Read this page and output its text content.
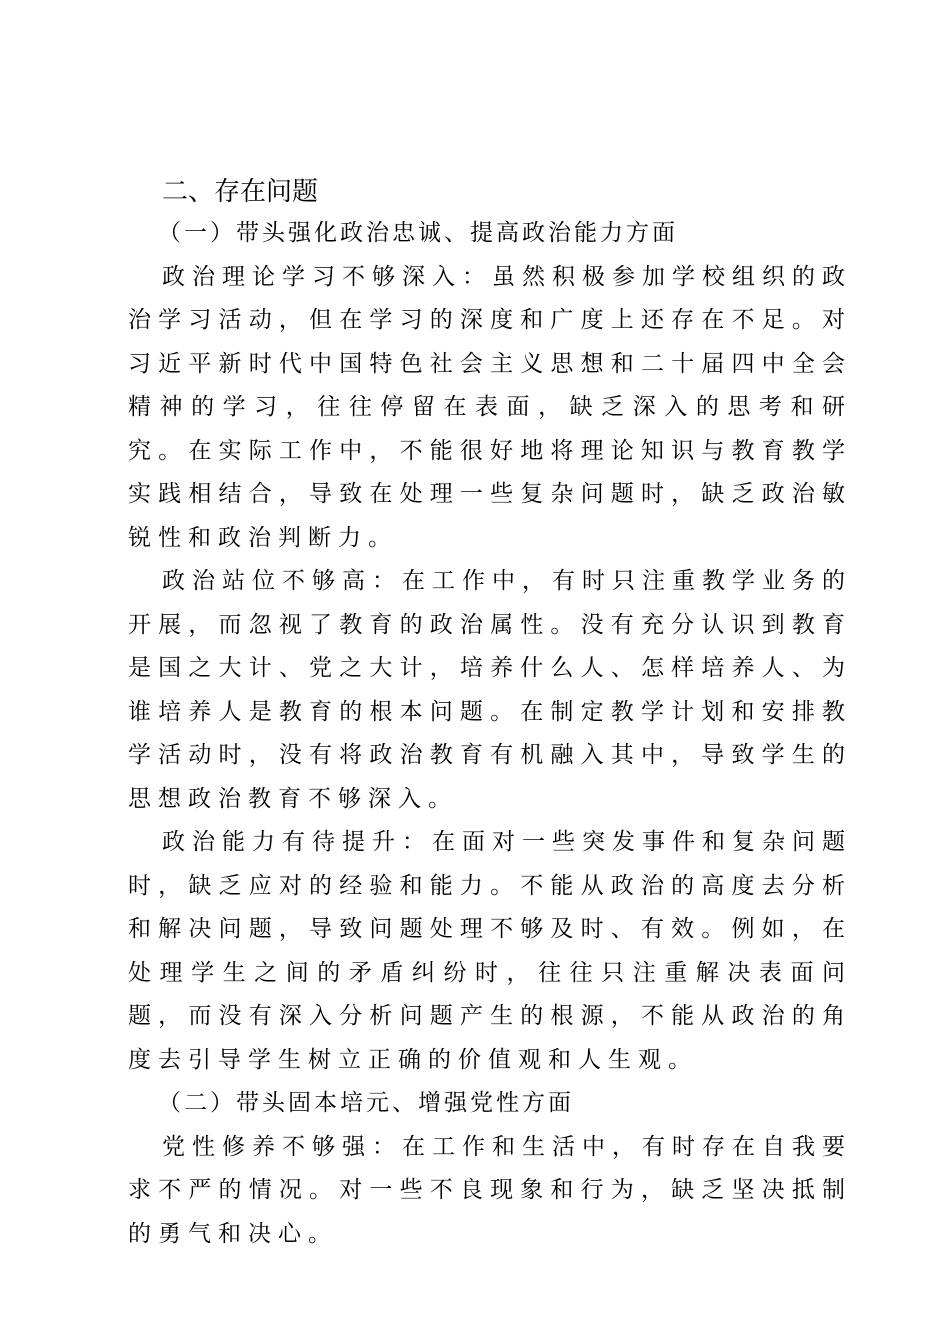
二、存在问题
（一）带头强化政治忠诚、提高政治能力方面

政治理论学习不够深入：虽然积极参加学校组织的政治学习活动，但在学习的深度和广度上还存在不足。对习近平新时代中国特色社会主义思想和二十届四中全会精神的学习，往往停留在表面，缺乏深入的思考和研究。在实际工作中，不能很好地将理论知识与教育教学实践相结合，导致在处理一些复杂问题时，缺乏政治敏锐性和政治判断力。

政治站位不够高：在工作中，有时只注重教学业务的开展，而忽视了教育的政治属性。没有充分认识到教育是国之大计、党之大计，培养什么人、怎样培养人、为谁培养人是教育的根本问题。在制定教学计划和安排教学活动时，没有将政治教育有机融入其中，导致学生的思想政治教育不够深入。

政治能力有待提升：在面对一些突发事件和复杂问题时，缺乏应对的经验和能力。不能从政治的高度去分析和解决问题，导致问题处理不够及时、有效。例如，在处理学生之间的矛盾纠纷时，往往只注重解决表面问题，而没有深入分析问题产生的根源，不能从政治的角度去引导学生树立正确的价值观和人生观。

（二）带头固本培元、增强党性方面

党性修养不够强：在工作和生活中，有时存在自我要求不严的情况。对一些不良现象和行为，缺乏坚决抵制的勇气和决心。
